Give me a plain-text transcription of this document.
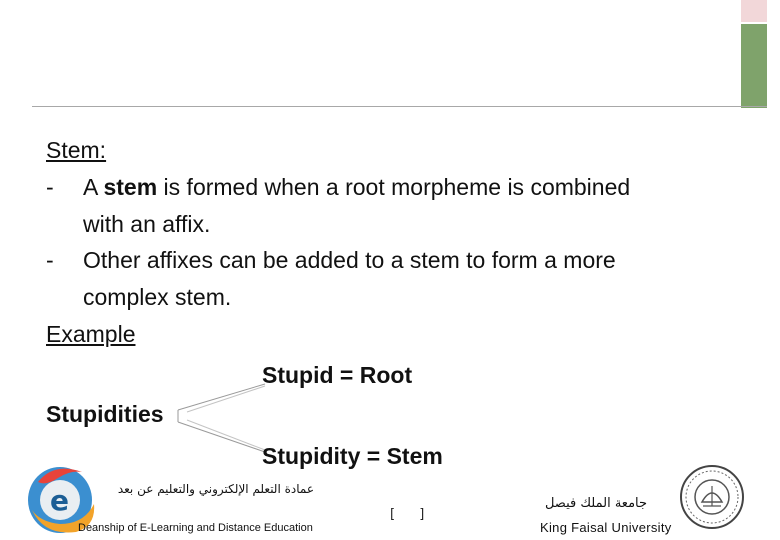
Stem:
- A stem is formed when a root morpheme is combined
with an affix.
- Other affixes can be added to a stem to form a more
complex stem.
Example
Stupid = Root
Stupidities
Stupidity = Stem
e	عمادة التعلم الإلكتروني والتعليم عن بعد
Deanship of E-Learning and Distance Education
[ ]
جامعة الملك فيصل
King Faisal University
